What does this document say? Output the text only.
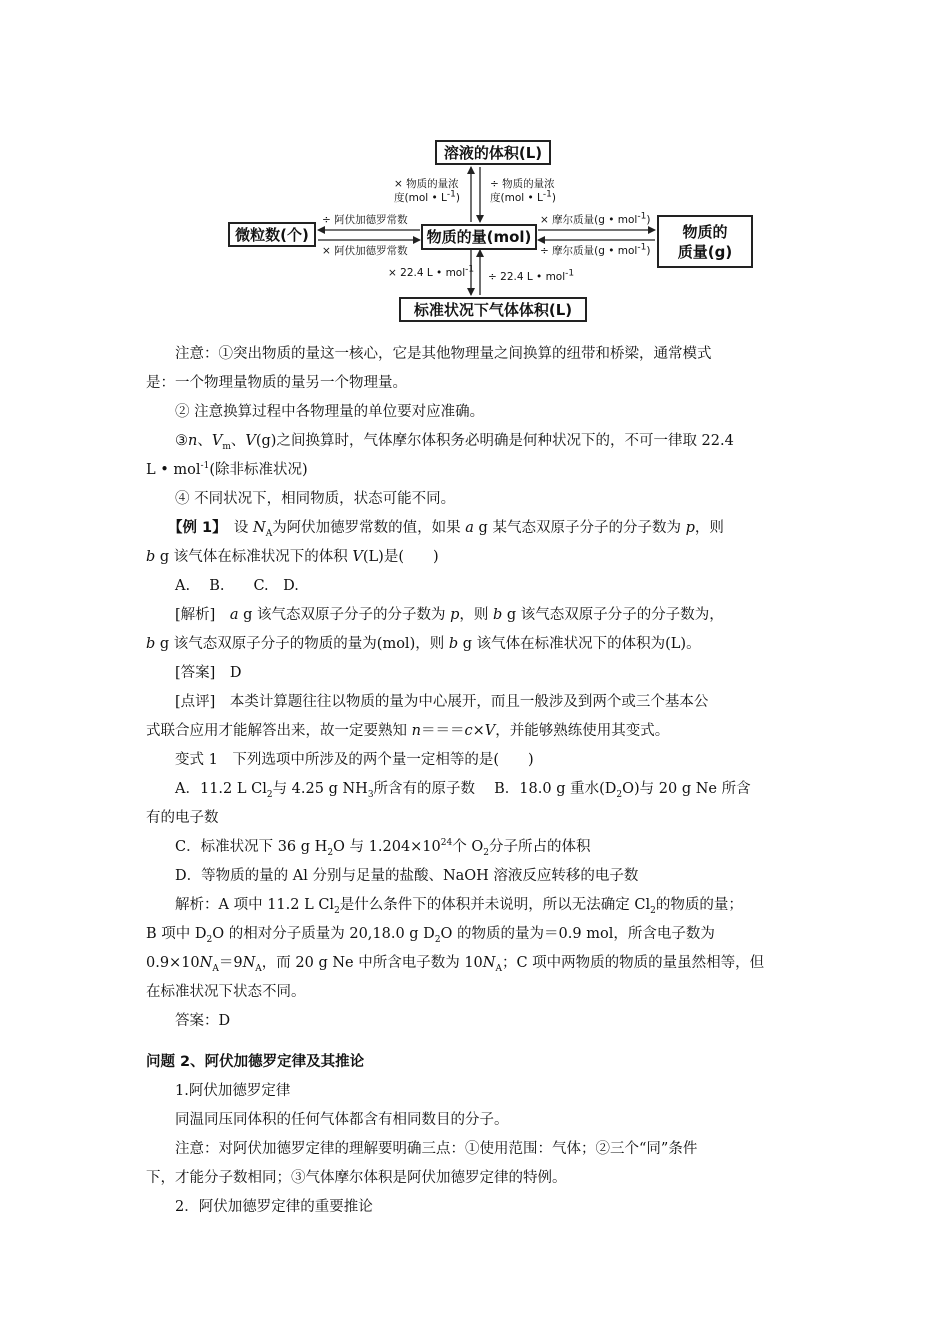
溶液的体积(L)
微粒数(个)	物质的量(mol)	物质的
质量(g)
标准状况下气体体积(L)
× 物质的量浓
度(mol • $L^{-1}$)
÷ 物质的量浓
度(mol • $L^{-1}$)
÷ 阿伏加德罗常数
× 阿伏加德罗常数
× 摩尔质量(g • mol$^{-1}$)
÷ 摩尔质量(g • mol$^{-1}$)
× 22.4 L • mol$^{-1}$
÷ 22.4 L • mol$^{-1}$

注意：①突出物质的量这一核心，它是其他物理量之间换算的纽带和桥梁，通常模式

是：一个物理量物质的量另一个物理量。

② 注意换算过程中各物理量的单位要对应准确。

③n、$V_m$、V(g)之间换算时，气体摩尔体积务必明确是何种状况下的，不可一律取 22.4

L • mol$^{-1}$(除非标准状况)

④ 不同状况下，相同物质，状态可能不同。

【例 1】　设 $N_A$为阿伏加德罗常数的值，如果 a g 某气态双原子分子的分子数为 p，则

b g 该气体在标准状况下的体积 V(L)是(　　)

A.　 B.　　C.　D.

[解析]　 a g 该气态双原子分子的分子数为 p，则 b g 该气态双原子分子的分子数为，

b g 该气态双原子分子的物质的量为(mol)，则 b g 该气体在标准状况下的体积为(L)。

[答案]　D

[点评]　本类计算题往往以物质的量为中心展开，而且一般涉及到两个或三个基本公

式联合应用才能解答出来，故一定要熟知 n＝＝＝c×V，并能够熟练使用其变式。

变式 1　下列选项中所涉及的两个量一定相等的是(　　)

A．11.2 L $Cl_2$与 4.25 g $NH_3$所含有的原子数　 B．18.0 g 重水$(D_2O)$与 20 g Ne 所含

有的电子数

C．标准状况下 36 g $H_2O$ 与 $1.204\times 10^{24}$个 $O_2$分子所占的体积

D．等物质的量的 Al 分别与足量的盐酸、NaOH 溶液反应转移的电子数

解析：A 项中 11.2 L $Cl_2$是什么条件下的体积并未说明，所以无法确定 $Cl_2$的物质的量；

B 项中 $D_2O$ 的相对分子质量为 20,18.0 g $D_2O$ 的物质的量为＝0.9 mol，所含电子数为

$0.9\times 10N_A=9N_A$，而 20 g Ne 中所含电子数为 $10N_A$；C 项中两物质的物质的量虽然相等，但

在标准状况下状态不同。

答案：D

问题 2、阿伏加德罗定律及其推论

1.阿伏加德罗定律

同温同压同体积的任何气体都含有相同数目的分子。

注意：对阿伏加德罗定律的理解要明确三点：①使用范围：气体；②三个“同”条件

下，才能分子数相同；③气体摩尔体积是阿伏加德罗定律的特例。

2．阿伏加德罗定律的重要推论
